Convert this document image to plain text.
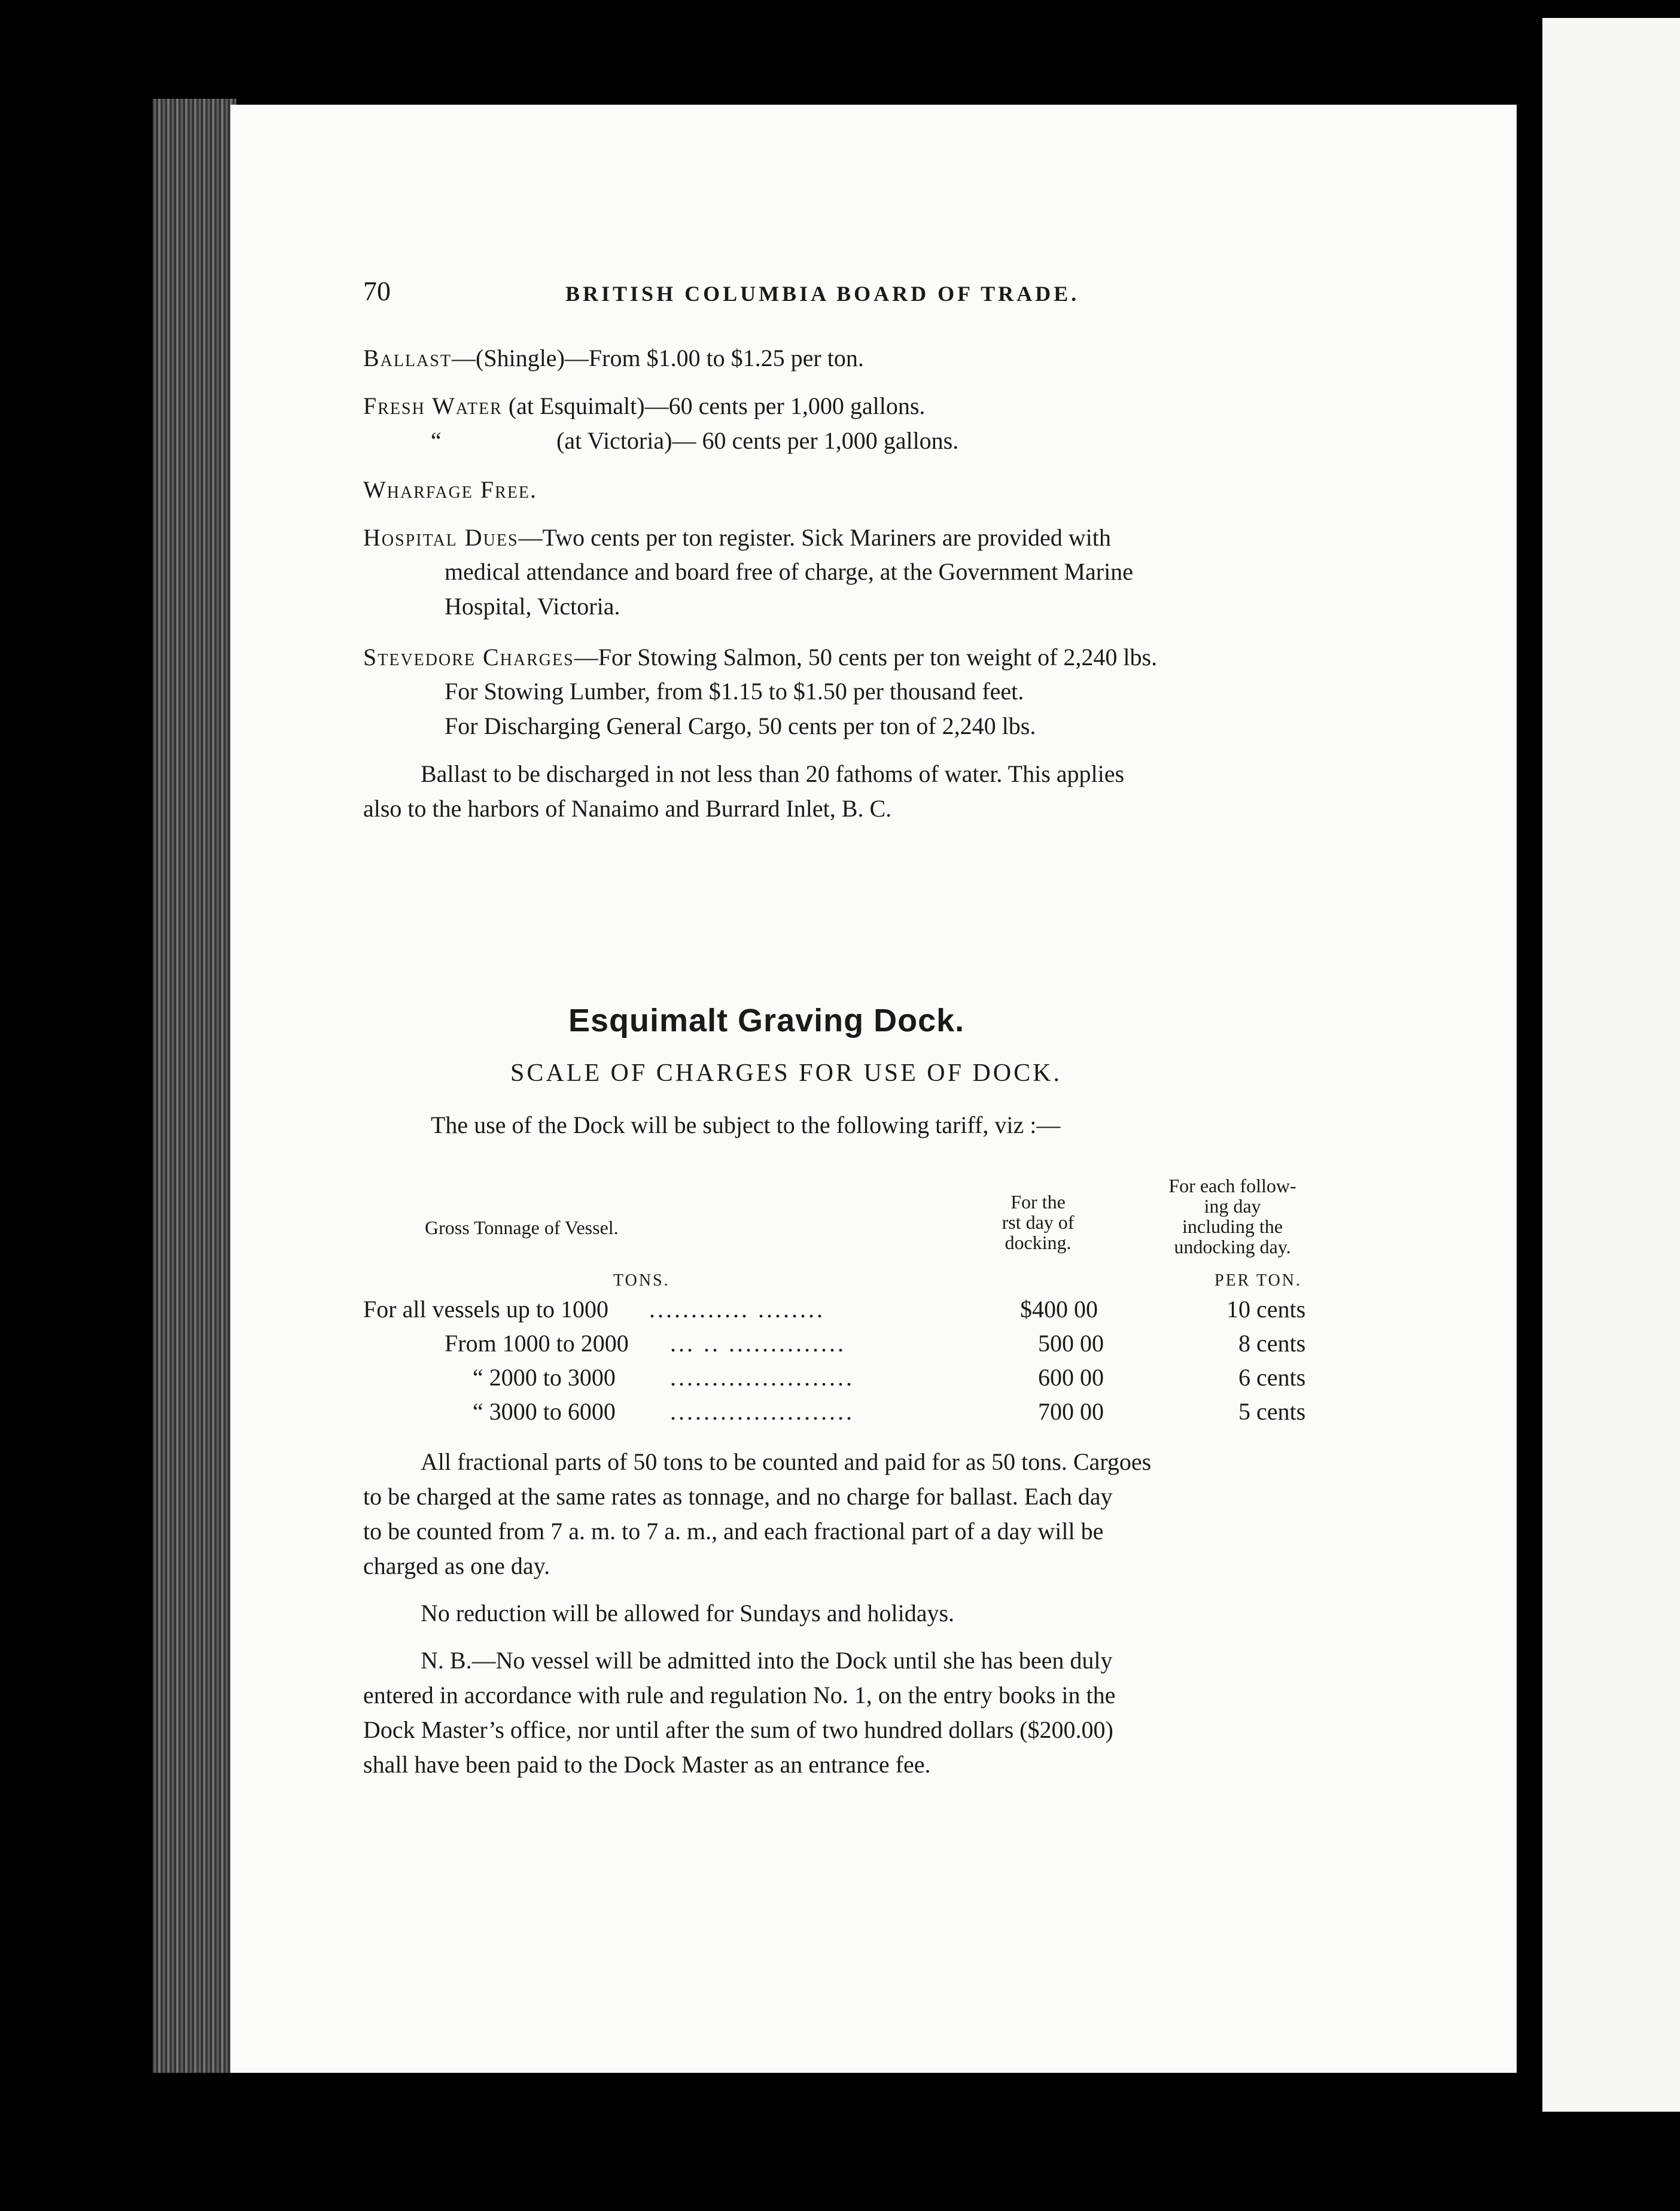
70	BRITISH COLUMBIA BOARD OF TRADE.
Ballast—(Shingle)—From $1.00 to $1.25 per ton.
Fresh Water (at Esquimalt)—60 cents per 1,000 gallons.
“	(at Victoria)— 60 cents per 1,000 gallons.
Wharfage Free.
Hospital Dues—Two cents per ton register. Sick Mariners are provided with
medical attendance and board free of charge, at the Government Marine
Hospital, Victoria.
Stevedore Charges—For Stowing Salmon, 50 cents per ton weight of 2,240 lbs.
For Stowing Lumber, from $1.15 to $1.50 per thousand feet.
For Discharging General Cargo, 50 cents per ton of 2,240 lbs.
Ballast to be discharged in not less than 20 fathoms of water. This applies
also to the harbors of Nanaimo and Burrard Inlet, B. C.
Esquimalt Graving Dock.
SCALE OF CHARGES FOR USE OF DOCK.
The use of the Dock will be subject to the following tariff, viz :—
Gross Tonnage of Vessel.
For the
rst day of
docking.
For each follow-
ing day
including the
undocking day.
TONS.	PER TON.
For all vessels up to 1000 ............ ........	$400 00	10 cents
From 1000 to 2000 ... .. ..............	500 00	8 cents
“ 2000 to 3000 ......................	600 00	6 cents
“ 3000 to 6000 ......................	700 00	5 cents
All fractional parts of 50 tons to be counted and paid for as 50 tons. Cargoes
to be charged at the same rates as tonnage, and no charge for ballast. Each day
to be counted from 7 a. m. to 7 a. m., and each fractional part of a day will be
charged as one day.
No reduction will be allowed for Sundays and holidays.
N. B.—No vessel will be admitted into the Dock until she has been duly
entered in accordance with rule and regulation No. 1, on the entry books in the
Dock Master’s office, nor until after the sum of two hundred dollars ($200.00)
shall have been paid to the Dock Master as an entrance fee.
